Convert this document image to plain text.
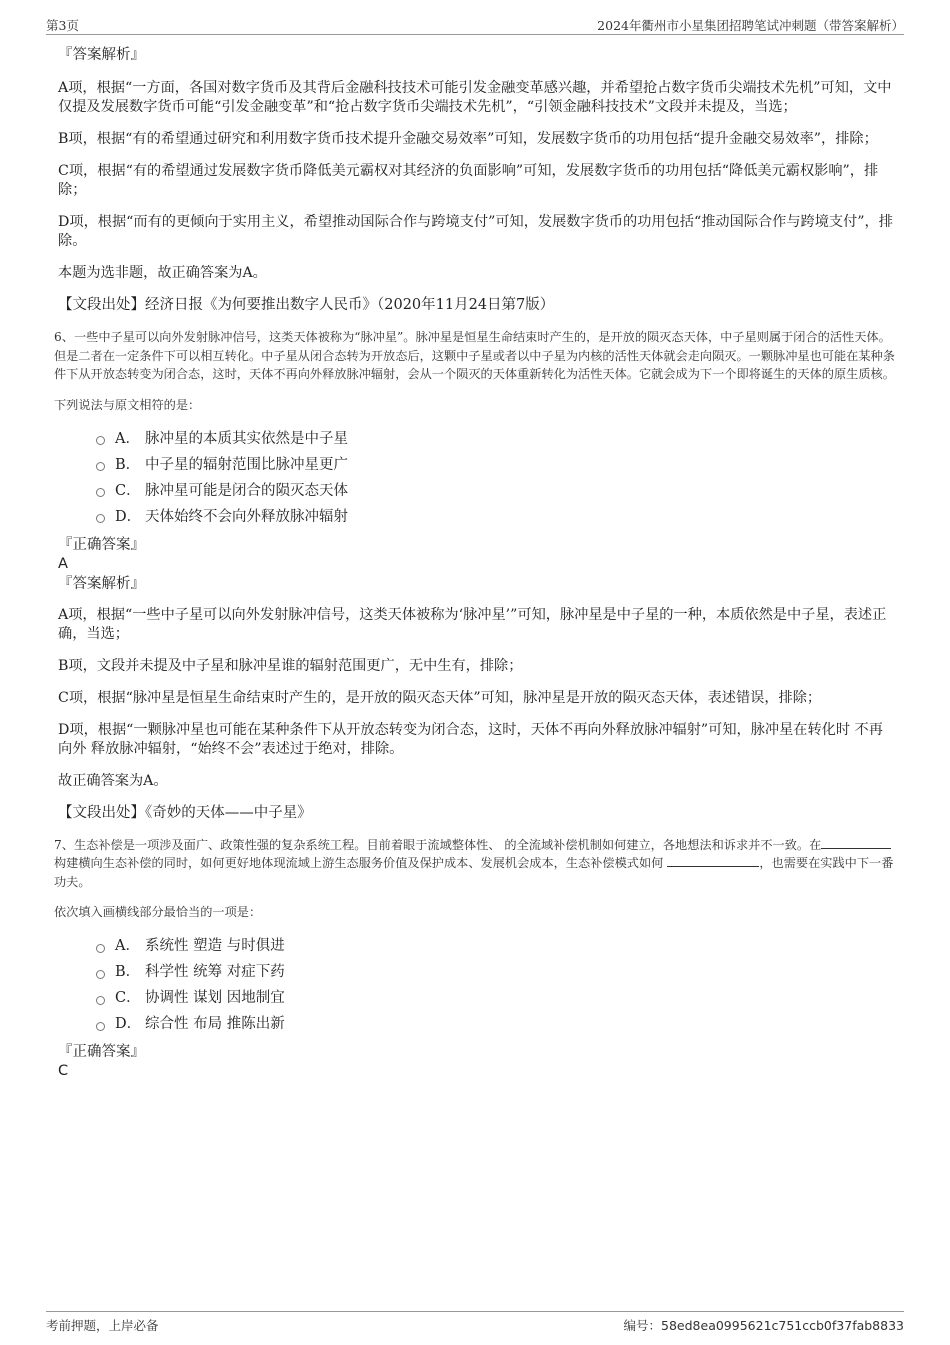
第3页	2024年衢州市小星集团招聘笔试冲刺题（带答案解析）

『答案解析』

A项，根据“一方面，各国对数字货币及其背后金融科技技术可能引发金融变革感兴趣，并希望抢占数字货币尖端技术先机”可知，文中仅提及发展数字货币可能“引发金融变革”和“抢占数字货币尖端技术先机”，“引领金融科技技术”文段并未提及，当选；

B项，根据“有的希望通过研究和利用数字货币技术提升金融交易效率”可知，发展数字货币的功用包括“提升金融交易效率”，排除；

C项，根据“有的希望通过发展数字货币降低美元霸权对其经济的负面影响”可知，发展数字货币的功用包括“降低美元霸权影响”，排除；

D项，根据“而有的更倾向于实用主义，希望推动国际合作与跨境支付”可知，发展数字货币的功用包括“推动国际合作与跨境支付”，排除。

本题为选非题，故正确答案为A。

【文段出处】经济日报《为何要推出数字人民币》（2020年11月24日第7版）

6、一些中子星可以向外发射脉冲信号，这类天体被称为“脉冲星”。脉冲星是恒星生命结束时产生的，是开放的陨灭态天体，中子星则属于闭合的活性天体。但是二者在一定条件下可以相互转化。中子星从闭合态转为开放态后，这颗中子星或者以中子星为内核的活性天体就会走向陨灭。一颗脉冲星也可能在某种条件下从开放态转变为闭合态，这时，天体不再向外释放脉冲辐射，会从一个陨灭的天体重新转化为活性天体。它就会成为下一个即将诞生的天体的原生质核。

下列说法与原文相符的是：

A． 脉冲星的本质其实依然是中子星
B． 中子星的辐射范围比脉冲星更广
C． 脉冲星可能是闭合的陨灭态天体
D． 天体始终不会向外释放脉冲辐射

『正确答案』

A

『答案解析』

A项，根据“一些中子星可以向外发射脉冲信号，这类天体被称为‘脉冲星’”可知，脉冲星是中子星的一种，本质依然是中子星，表述正确，当选；

B项，文段并未提及中子星和脉冲星谁的辐射范围更广，无中生有，排除；

C项，根据“脉冲星是恒星生命结束时产生的，是开放的陨灭态天体”可知，脉冲星是开放的陨灭态天体，表述错误，排除；

D项，根据“一颗脉冲星也可能在某种条件下从开放态转变为闭合态，这时，天体不再向外释放脉冲辐射”可知，脉冲星在转化时 不再向外 释放脉冲辐射，“始终不会”表述过于绝对，排除。

故正确答案为A。

【文段出处】《奇妙的天体——中子星》

7、生态补偿是一项涉及面广、政策性强的复杂系统工程。目前着眼于流域整体性、 的全流域补偿机制如何建立，各地想法和诉求并不一致。在构建横向生态补偿的同时，如何更好地体现流域上游生态服务价值及保护成本、发展机会成本，生态补偿模式如何	，也需要在实践中下一番功夫。

依次填入画横线部分最恰当的一项是：

A． 系统性 塑造 与时俱进
B． 科学性 统筹 对症下药
C． 协调性 谋划 因地制宜
D． 综合性 布局 推陈出新

『正确答案』

C

考前押题，上岸必备	编号：58ed8ea0995621c751ccb0f37fab8833
